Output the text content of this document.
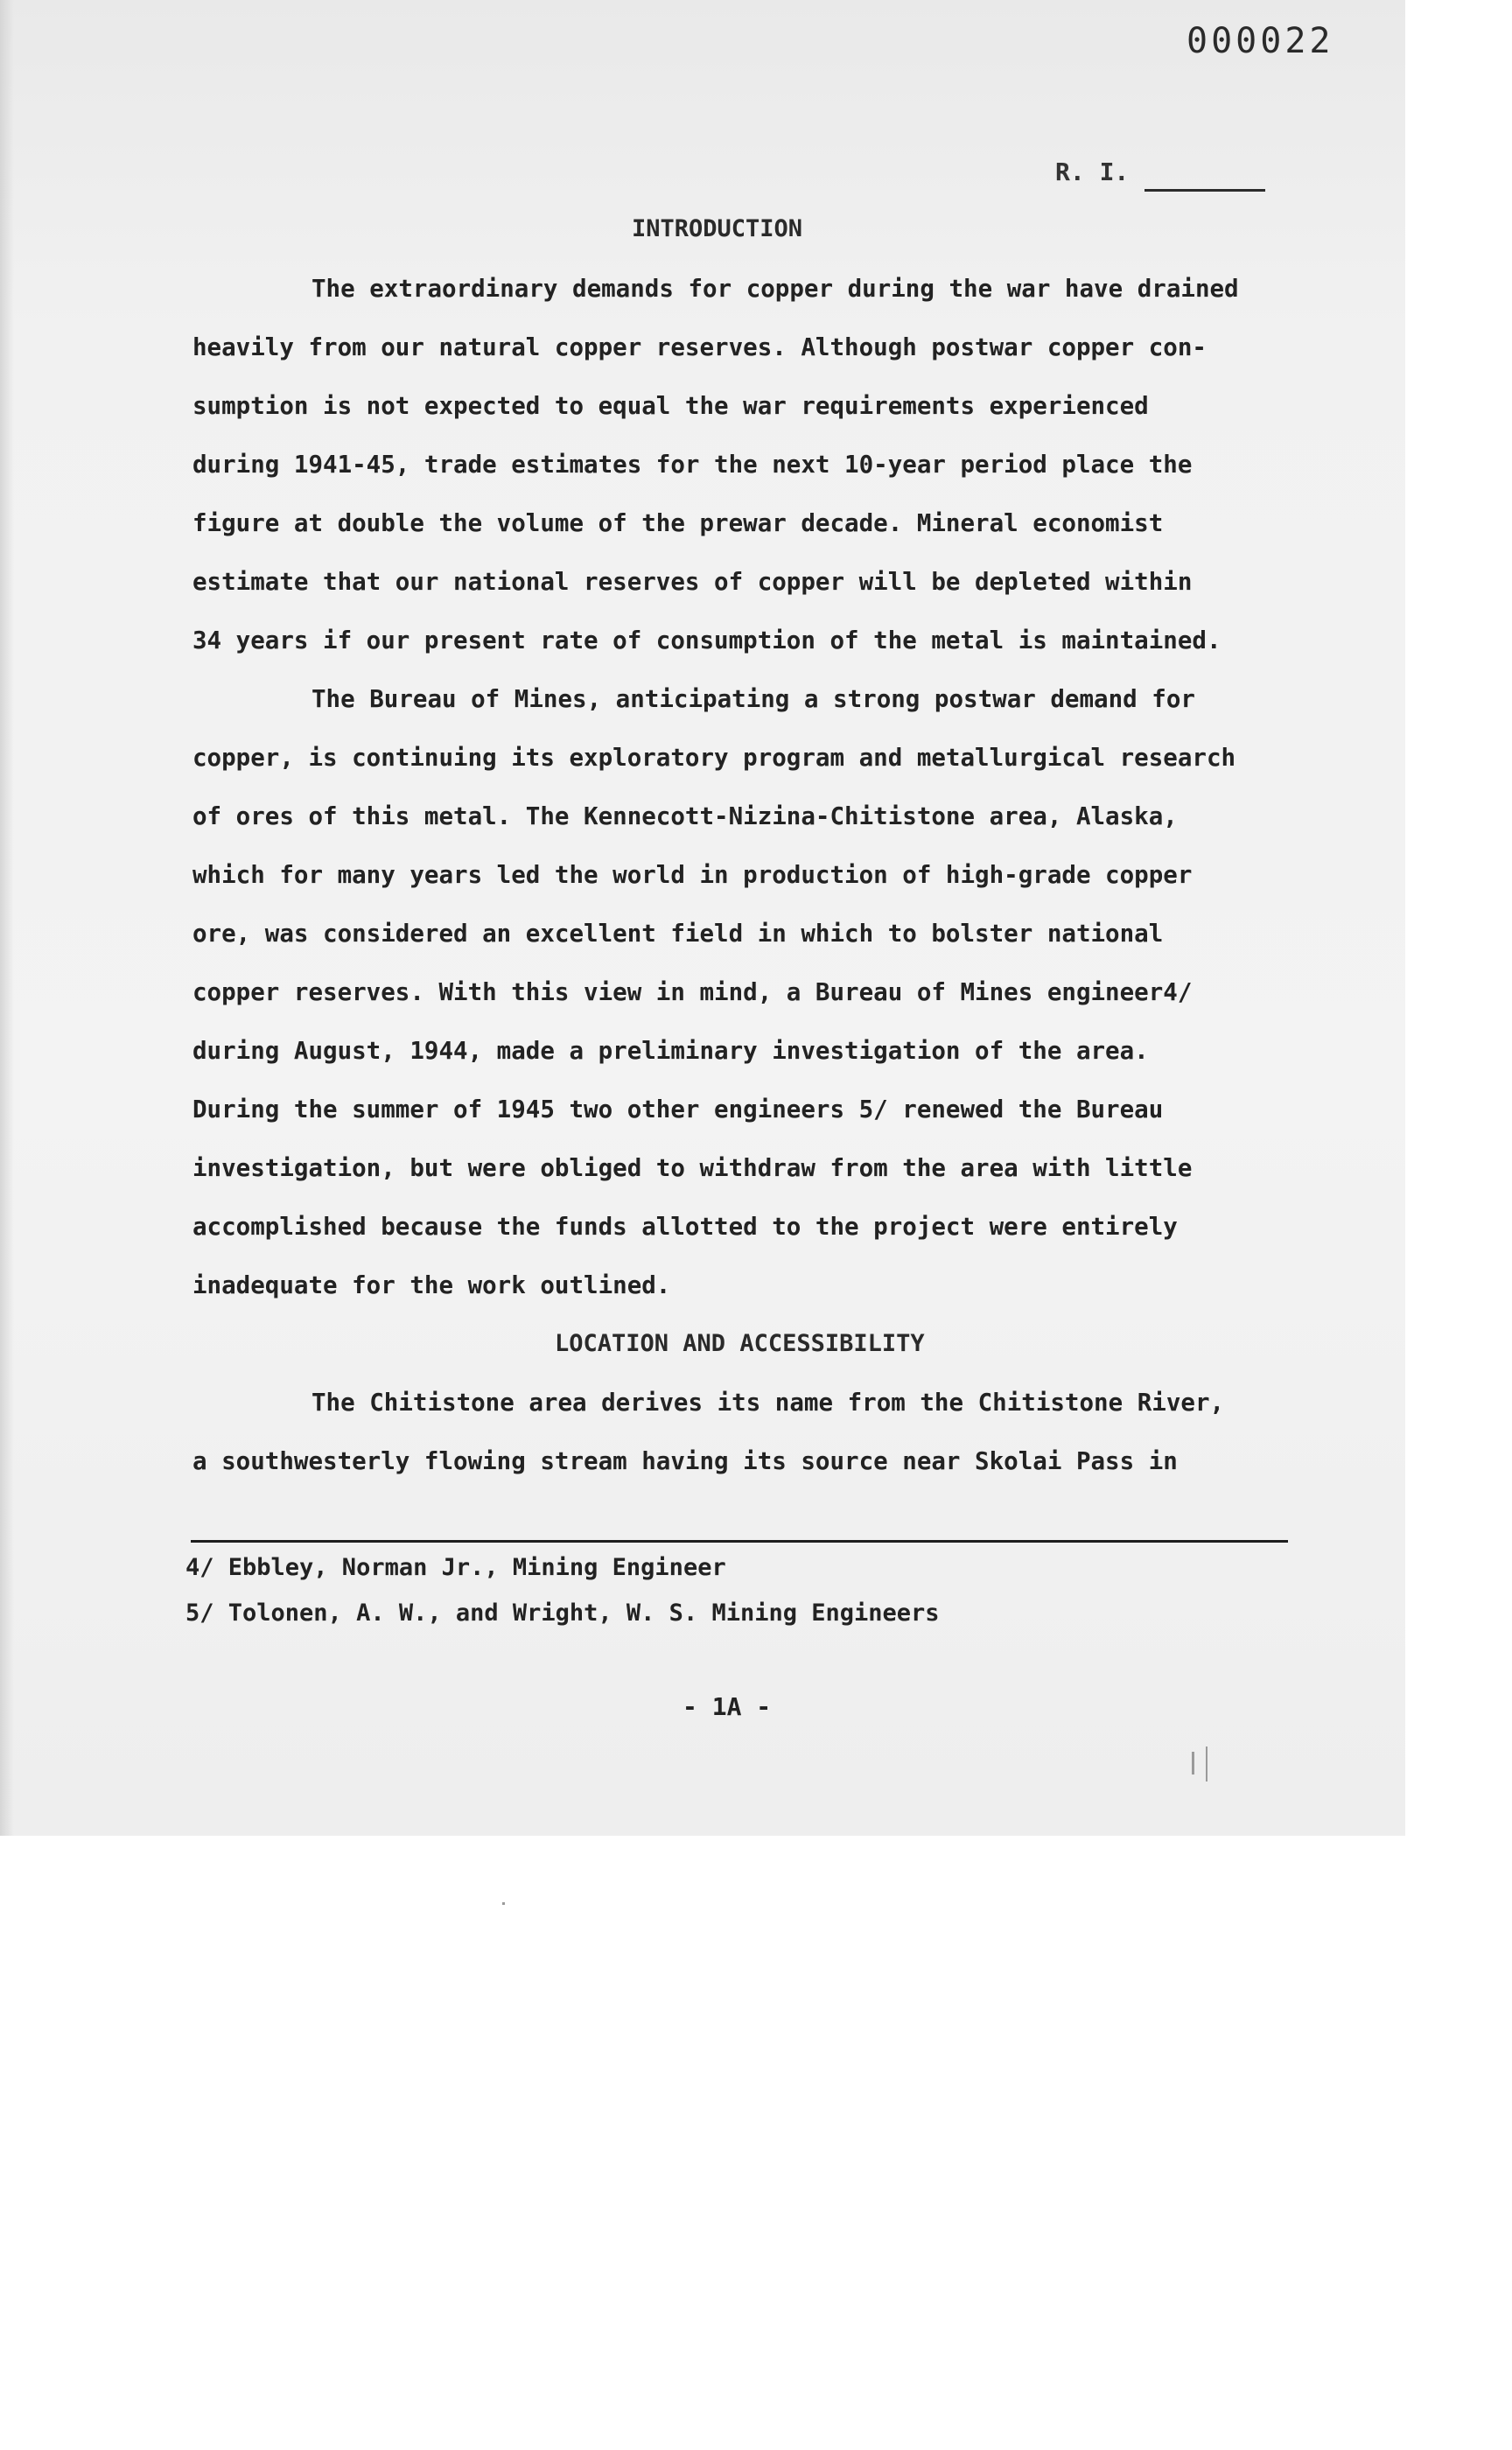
000022
R. I.
INTRODUCTION
The extraordinary demands for copper during the war have drained
heavily from our natural copper reserves. Although postwar copper con-
sumption is not expected to equal the war requirements experienced
during 1941-45, trade estimates for the next 10-year period place the
figure at double the volume of the prewar decade. Mineral economist
estimate that our national reserves of copper will be depleted within
34 years if our present rate of consumption of the metal is maintained.
The Bureau of Mines, anticipating a strong postwar demand for
copper, is continuing its exploratory program and metallurgical research
of ores of this metal. The Kennecott-Nizina-Chitistone area, Alaska,
which for many years led the world in production of high-grade copper
ore, was considered an excellent field in which to bolster national
copper reserves. With this view in mind, a Bureau of Mines engineer4/
during August, 1944, made a preliminary investigation of the area.
During the summer of 1945 two other engineers 5/ renewed the Bureau
investigation, but were obliged to withdraw from the area with little
accomplished because the funds allotted to the project were entirely
inadequate for the work outlined.
LOCATION AND ACCESSIBILITY
The Chitistone area derives its name from the Chitistone River,
a southwesterly flowing stream having its source near Skolai Pass in
4/ Ebbley, Norman Jr., Mining Engineer
5/ Tolonen, A. W., and Wright, W. S. Mining Engineers
- 1A -
